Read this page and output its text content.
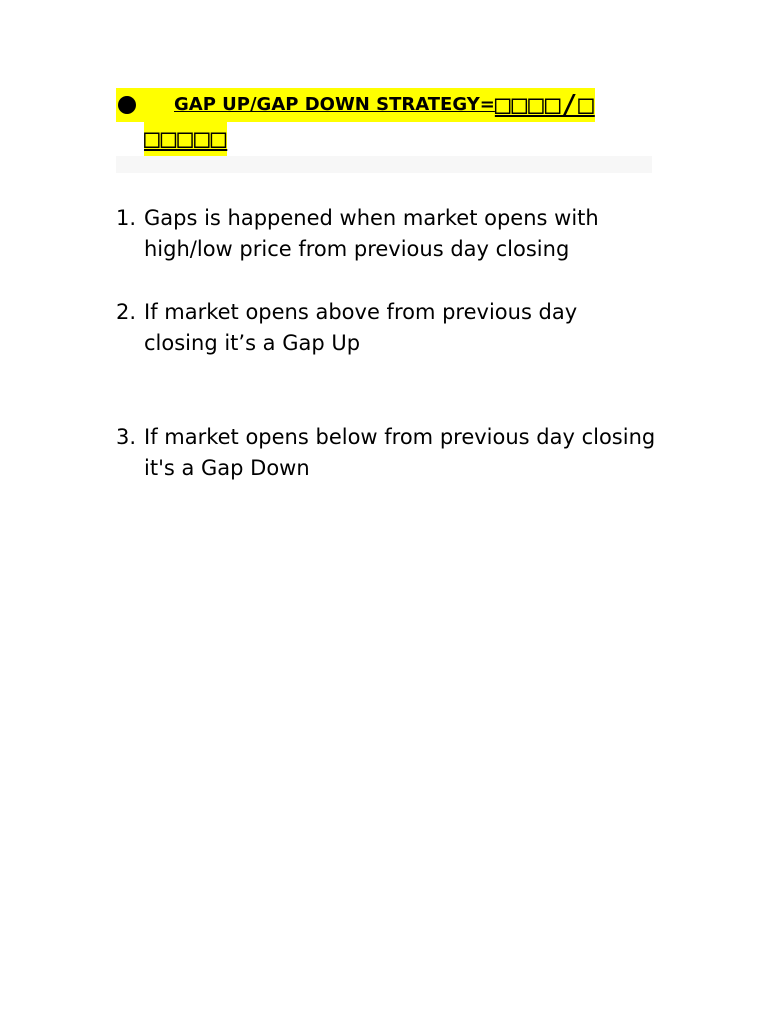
GAP UP/GAP DOWN STRATEGY= □□□□/□
□□□□□
1. Gaps is happened when market opens with high/low price from previous day closing
2. If market opens above from previous day closing it’s a Gap Up
3. If market opens below from previous day closing it's a Gap Down
